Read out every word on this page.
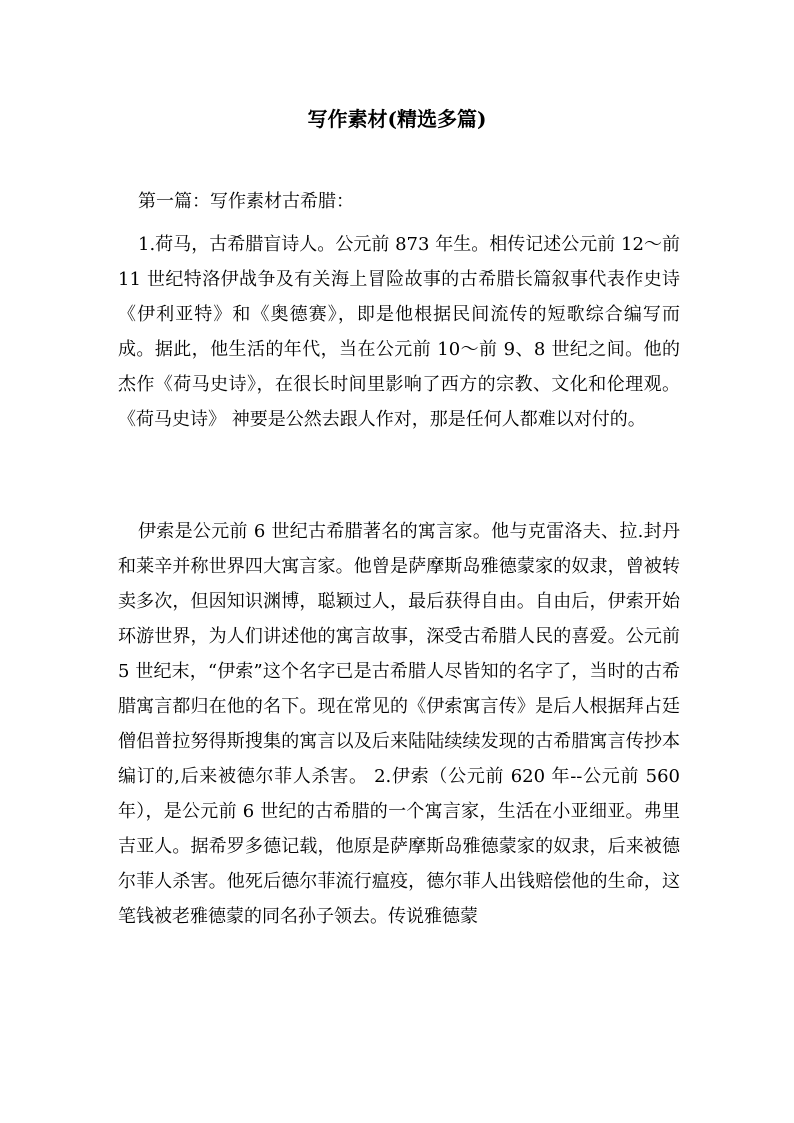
写作素材(精选多篇)

第一篇：写作素材古希腊：

1.荷马，古希腊盲诗人。公元前 873 年生。相传记述公元前 12～前 11 世纪特洛伊战争及有关海上冒险故事的古希腊长篇叙事代表作史诗《伊利亚特》和《奥德赛》，即是他根据民间流传的短歌综合编写而成。据此，他生活的年代，当在公元前 10～前 9、8 世纪之间。他的杰作《荷马史诗》，在很长时间里影响了西方的宗教、文化和伦理观。 《荷马史诗》 神要是公然去跟人作对，那是任何人都难以对付的。

伊索是公元前 6 世纪古希腊著名的寓言家。他与克雷洛夫、拉.封丹和莱辛并称世界四大寓言家。他曾是萨摩斯岛雅德蒙家的奴隶，曾被转卖多次，但因知识渊博，聪颖过人，最后获得自由。自由后，伊索开始环游世界，为人们讲述他的寓言故事，深受古希腊人民的喜爱。公元前 5 世纪末，“伊索”这个名字已是古希腊人尽皆知的名字了，当时的古希腊寓言都归在他的名下。现在常见的《伊索寓言传》是后人根据拜占廷僧侣普拉努得斯搜集的寓言以及后来陆陆续续发现的古希腊寓言传抄本编订的,后来被德尔菲人杀害。 2.伊索（公元前 620 年--公元前 560 年），是公元前 6 世纪的古希腊的一个寓言家，生活在小亚细亚。弗里吉亚人。据希罗多德记载，他原是萨摩斯岛雅德蒙家的奴隶，后来被德尔菲人杀害。他死后德尔菲流行瘟疫，德尔菲人出钱赔偿他的生命，这笔钱被老雅德蒙的同名孙子领去。传说雅德蒙
